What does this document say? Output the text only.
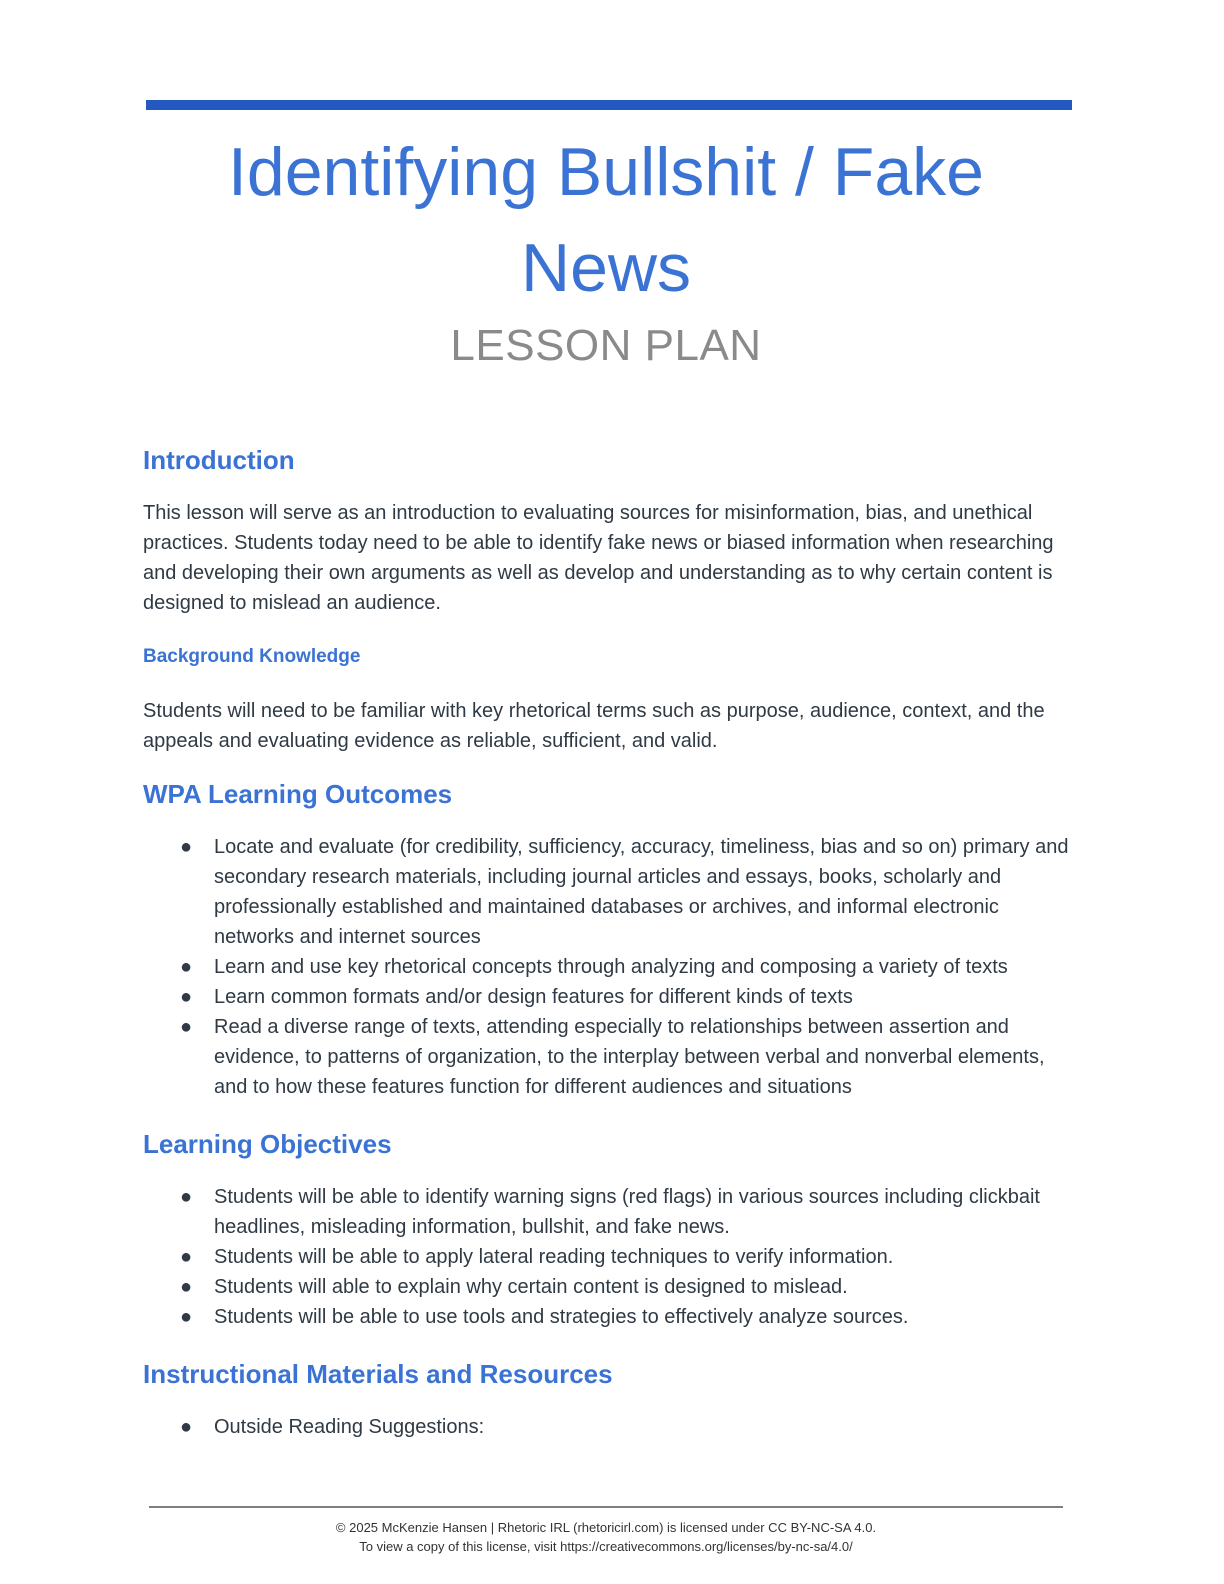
Identifying Bullshit / Fake News
LESSON PLAN
Introduction

This lesson will serve as an introduction to evaluating sources for misinformation, bias, and unethical practices. Students today need to be able to identify fake news or biased information when researching and developing their own arguments as well as develop and understanding as to why certain content is designed to mislead an audience.

Background Knowledge

Students will need to be familiar with key rhetorical terms such as purpose, audience, context, and the appeals and evaluating evidence as reliable, sufficient, and valid.

WPA Learning Outcomes
● Locate and evaluate (for credibility, sufficiency, accuracy, timeliness, bias and so on) primary and secondary research materials, including journal articles and essays, books, scholarly and professionally established and maintained databases or archives, and informal electronic networks and internet sources
● Learn and use key rhetorical concepts through analyzing and composing a variety of texts
● Learn common formats and/or design features for different kinds of texts
● Read a diverse range of texts, attending especially to relationships between assertion and evidence, to patterns of organization, to the interplay between verbal and nonverbal elements, and to how these features function for different audiences and situations
Learning Objectives
● Students will be able to identify warning signs (red flags) in various sources including clickbait headlines, misleading information, bullshit, and fake news.
● Students will be able to apply lateral reading techniques to verify information.
● Students will able to explain why certain content is designed to mislead.
● Students will be able to use tools and strategies to effectively analyze sources.
Instructional Materials and Resources
● Outside Reading Suggestions:
© 2025 McKenzie Hansen | Rhetoric IRL (rhetoricirl.com) is licensed under CC BY-NC-SA 4.0.
To view a copy of this license, visit https://creativecommons.org/licenses/by-nc-sa/4.0/
